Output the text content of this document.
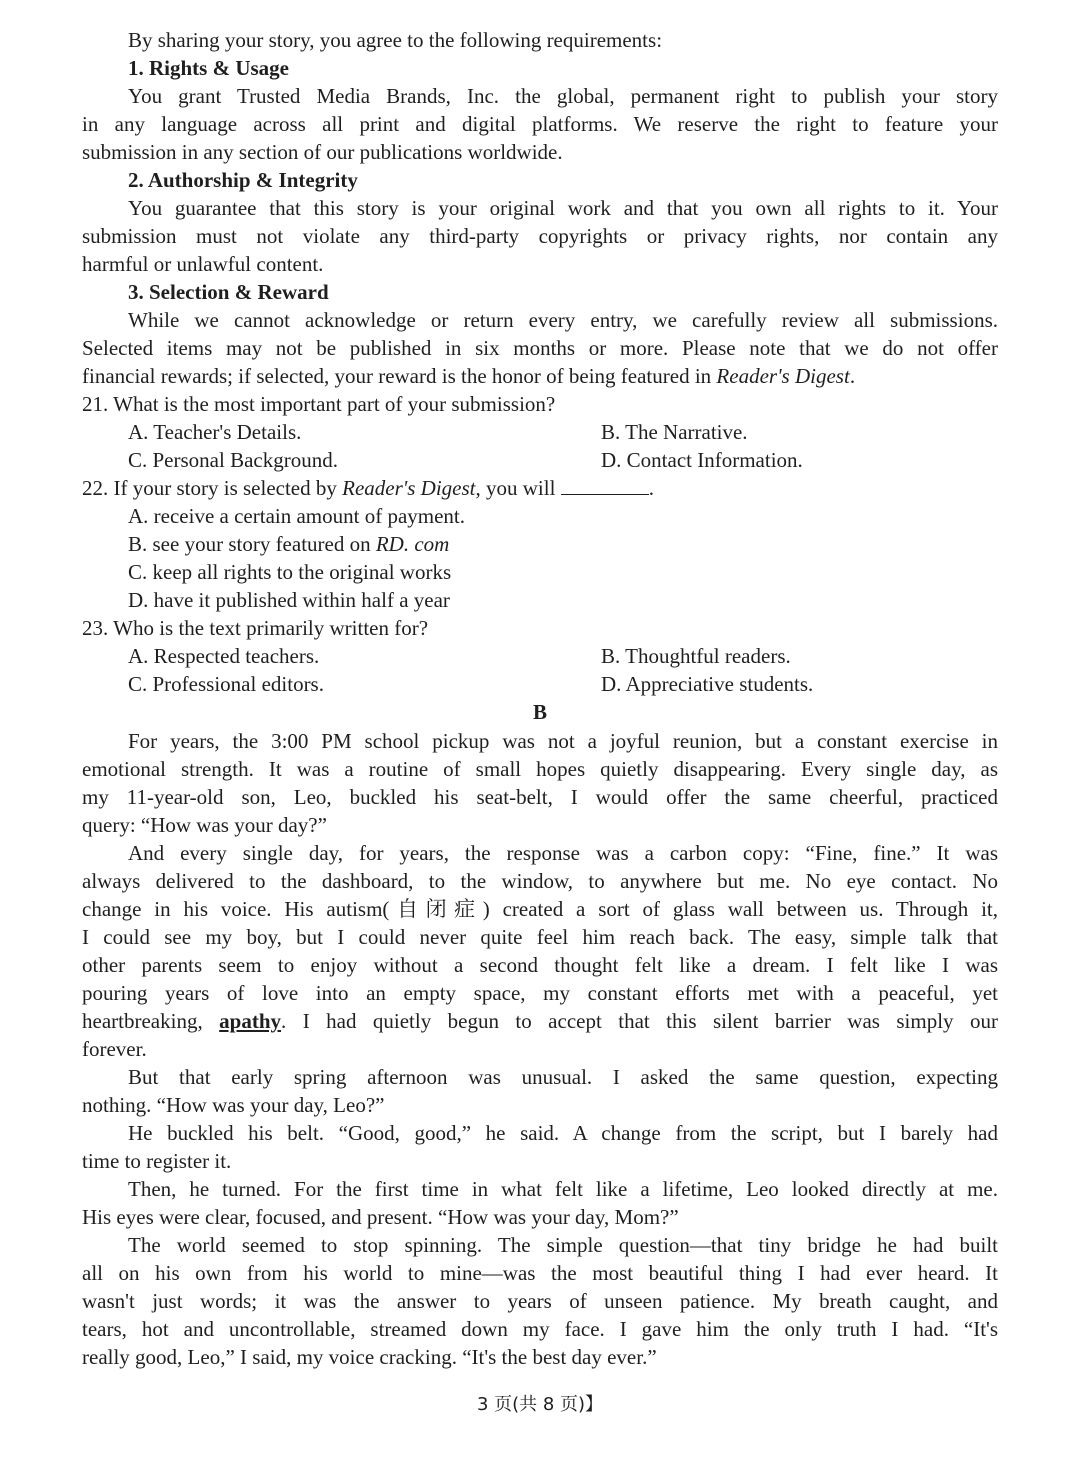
By sharing your story, you agree to the following requirements:
1. Rights & Usage
You grant Trusted Media Brands, Inc. the global, permanent right to publish your story
in any language across all print and digital platforms. We reserve the right to feature your
submission in any section of our publications worldwide.
2. Authorship & Integrity
You guarantee that this story is your original work and that you own all rights to it. Your
submission must not violate any third-party copyrights or privacy rights, nor contain any
harmful or unlawful content.
3. Selection & Reward
While we cannot acknowledge or return every entry, we carefully review all submissions.
Selected items may not be published in six months or more. Please note that we do not offer
financial rewards; if selected, your reward is the honor of being featured in Reader's Digest.
21. What is the most important part of your submission?
A. Teacher's Details.	B. The Narrative.
C. Personal Background.	D. Contact Information.
22. If your story is selected by Reader's Digest, you will	.
A. receive a certain amount of payment.
B. see your story featured on RD. com
C. keep all rights to the original works
D. have it published within half a year
23. Who is the text primarily written for?
A. Respected teachers.	B. Thoughtful readers.
C. Professional editors.	D. Appreciative students.
B
For years, the 3:00 PM school pickup was not a joyful reunion, but a constant exercise in
emotional strength. It was a routine of small hopes quietly disappearing. Every single day, as
my 11-year-old son, Leo, buckled his seat-belt, I would offer the same cheerful, practiced
query: “How was your day?”
And every single day, for years, the response was a carbon copy: “Fine, fine.” It was
always delivered to the dashboard, to the window, to anywhere but me. No eye contact. No
change in his voice. His autism(自闭症) created a sort of glass wall between us. Through it,
I could see my boy, but I could never quite feel him reach back. The easy, simple talk that
other parents seem to enjoy without a second thought felt like a dream. I felt like I was
pouring years of love into an empty space, my constant efforts met with a peaceful, yet
heartbreaking, apathy. I had quietly begun to accept that this silent barrier was simply our
forever.
But that early spring afternoon was unusual. I asked the same question, expecting
nothing. “How was your day, Leo?”
He buckled his belt. “Good, good,” he said. A change from the script, but I barely had
time to register it.
Then, he turned. For the first time in what felt like a lifetime, Leo looked directly at me.
His eyes were clear, focused, and present. “How was your day, Mom?”
The world seemed to stop spinning. The simple question—that tiny bridge he had built
all on his own from his world to mine—was the most beautiful thing I had ever heard. It
wasn't just words; it was the answer to years of unseen patience. My breath caught, and
tears, hot and uncontrollable, streamed down my face. I gave him the only truth I had. “It's
really good, Leo,” I said, my voice cracking. “It's the best day ever.”
3 页(共 8 页)】
